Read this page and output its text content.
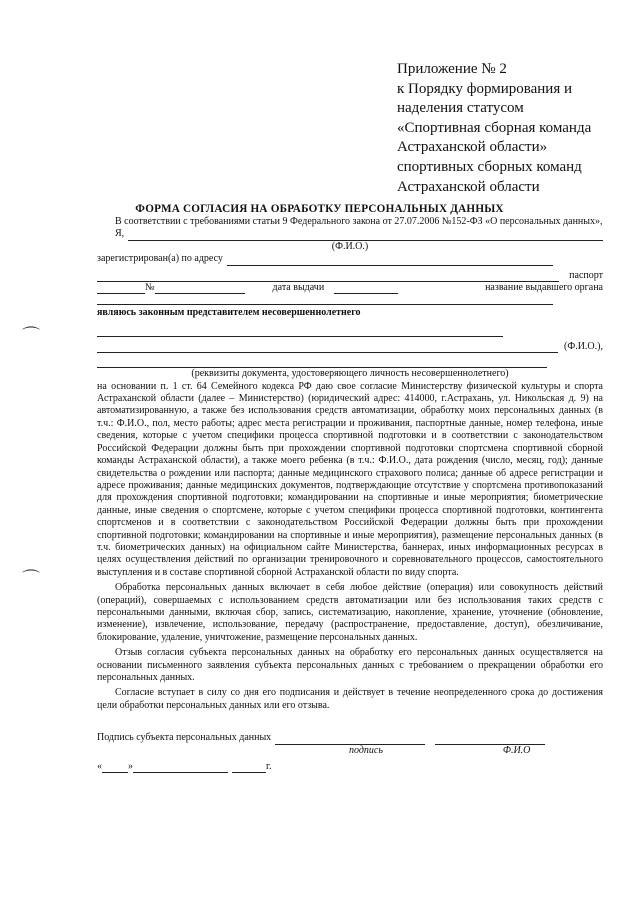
⌒
⌒
Приложение № 2
к Порядку формирования и
наделения статусом
«Спортивная сборная команда
Астраханской области»
спортивных сборных команд
Астраханской области
ФОРМА СОГЛАСИЯ НА ОБРАБОТКУ ПЕРСОНАЛЬНЫХ ДАННЫХ
В соответствии с требованиями статьи 9 Федерального закона от 27.07.2006 №152-ФЗ «О персональных данных»,
Я,
(Ф.И.О.)
зарегистрирован(а) по адресу
паспорт
№	дата выдачи	название выдавшего органа
являюсь законным представителем несовершеннолетнего
(Ф.И.О.),
(реквизиты документа, удостоверяющего личность несовершеннолетнего)
на основании п. 1 ст. 64 Семейного кодекса РФ даю свое согласие Министерству физической культуры и спорта Астраханской области (далее – Министерство) (юридический адрес: 414000, г.Астрахань, ул. Никольская д. 9) на автоматизированную, а также без использования средств автоматизации, обработку моих персональных данных (в т.ч.: Ф.И.О., пол, место работы; адрес места регистрации и проживания, паспортные данные, номер телефона, иные сведения, которые с учетом специфики процесса спортивной подготовки и в соответствии с законодательством Российской Федерации должны быть при прохождении спортивной подготовки спортсмена спортивной сборной команды Астраханской области), а также моего ребенка (в т.ч.: Ф.И.О., дата рождения (число, месяц, год); данные свидетельства о рождении или паспорта; данные медицинского страхового полиса; данные об адресе регистрации и адресе проживания; данные медицинских документов, подтверждающие отсутствие у спортсмена противопоказаний для прохождения спортивной подготовки; командировании на спортивные и иные мероприятия; биометрические данные, иные сведения о спортсмене, которые с учетом специфики процесса спортивной подготовки, контингента спортсменов и в соответствии с законодательством Российской Федерации должны быть при прохождении спортивной подготовки; командировании на спортивные и иные мероприятия), размещение персональных данных (в т.ч. биометрических данных) на официальном сайте Министерства, баннерах, иных информационных ресурсах в целях осуществления действий по организации тренировочного и соревновательного процессов, самостоятельного выступления и в составе спортивной сборной Астраханской области по виду спорта.
Обработка персональных данных включает в себя любое действие (операция) или совокупность действий (операций), совершаемых с использованием средств автоматизации или без использования таких средств с персональными данными, включая сбор, запись, систематизацию, накопление, хранение, уточнение (обновление, изменение), извлечение, использование, передачу (распространение, предоставление, доступ), обезличивание, блокирование, удаление, уничтожение, размещение персональных данных.
Отзыв согласия субъекта персональных данных на обработку его персональных данных осуществляется на основании письменного заявления субъекта персональных данных с требованием о прекращении обработки его персональных данных.
Согласие вступает в силу со дня его подписания и действует в течение неопределенного срока до достижения цели обработки персональных данных или его отзыва.
Подпись субъекта персональных данных
подпись	Ф.И.О
«	»	г.
